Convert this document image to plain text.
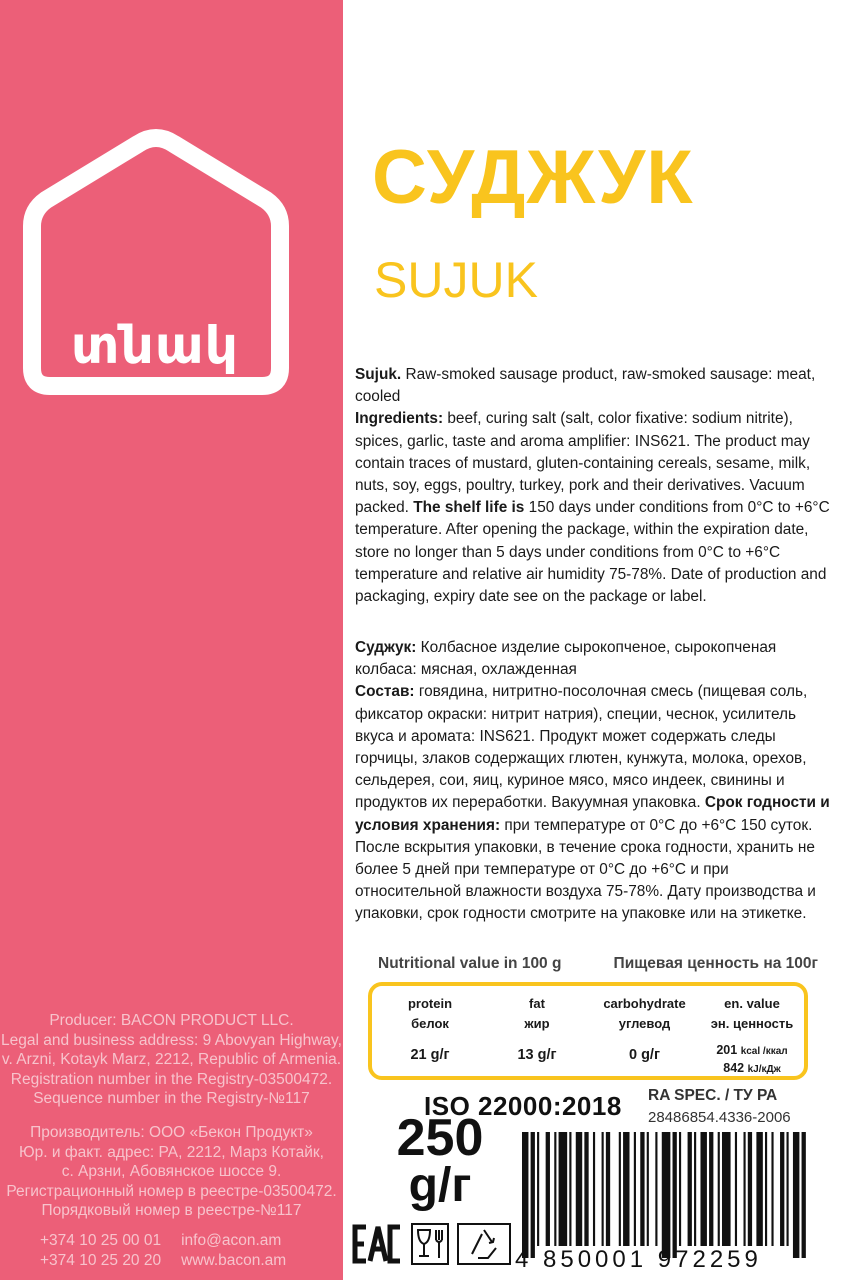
տնակ
Producer: BACON PRODUCT LLC.
Legal and business address: 9 Abovyan Highway,
v. Arzni, Kotayk Marz, 2212, Republic of Armenia.
Registration number in the Registry-03500472.
Sequence number in the Registry-№117
Производитель: ООО «Бекон Продукт»
Юр. и факт. адрес: РА, 2212, Марз Котайк,
с. Арзни, Абовянское шоссе 9.
Регистрационный номер в реестре-03500472.
Порядковый номер в реестре-№117
+374 10 25 00 01 info@acon.am
+374 10 25 20 20 www.bacon.am
СУДЖУК
SUJUK
Sujuk. Raw-smoked sausage product, raw-smoked sausage: meat, cooled
Ingredients: beef, curing salt (salt, color fixative: sodium nitrite), spices, garlic, taste and aroma amplifier: INS621. The product may contain traces of mustard, gluten-containing cereals, sesame, milk, nuts, soy, eggs, poultry, turkey, pork and their derivatives. Vacuum packed. The shelf life is 150 days under conditions from 0°C to +6°C temperature. After opening the package, within the expiration date, store no longer than 5 days under conditions from 0°C to +6°C temperature and relative air humidity 75-78%. Date of production and packaging, expiry date see on the package or label.
Суджук: Колбасное изделие сырокопченое, сырокопченая колбаса: мясная, охлажденная
Состав: говядина, нитритно-посолочная смесь (пищевая соль, фиксатор окраски: нитрит натрия), специи, чеснок, усилитель вкуса и аромата: INS621. Продукт может содержать следы горчицы, злаков содержащих глютен, кунжута, молока, орехов, сельдерея, сои, яиц, куриное мясо, мясо индеек, свинины и продуктов их переработки. Вакуумная упаковка. Срок годности и условия хранения: при температуре от 0°C до +6°C 150 суток. После вскрытия упаковки, в течение срока годности, хранить не более 5 дней при температуре от 0°C до +6°C и при относительной влажности воздуха 75-78%. Дату производства и упаковки, срок годности смотрите на упаковке или на этикетке.
Nutritional value in 100 g	Пищевая ценность на 100г
protein
белок
21 g/г
fat
жир
13 g/г
carbohydrate
углевод
0 g/г
en. value
эн. ценность
201 kcal /ккал
842 kJ/кДж
ISO 22000:2018 RA SPEC. / ТУ РА
28486854.4336-2006
250
g/г
4 850001 972259
